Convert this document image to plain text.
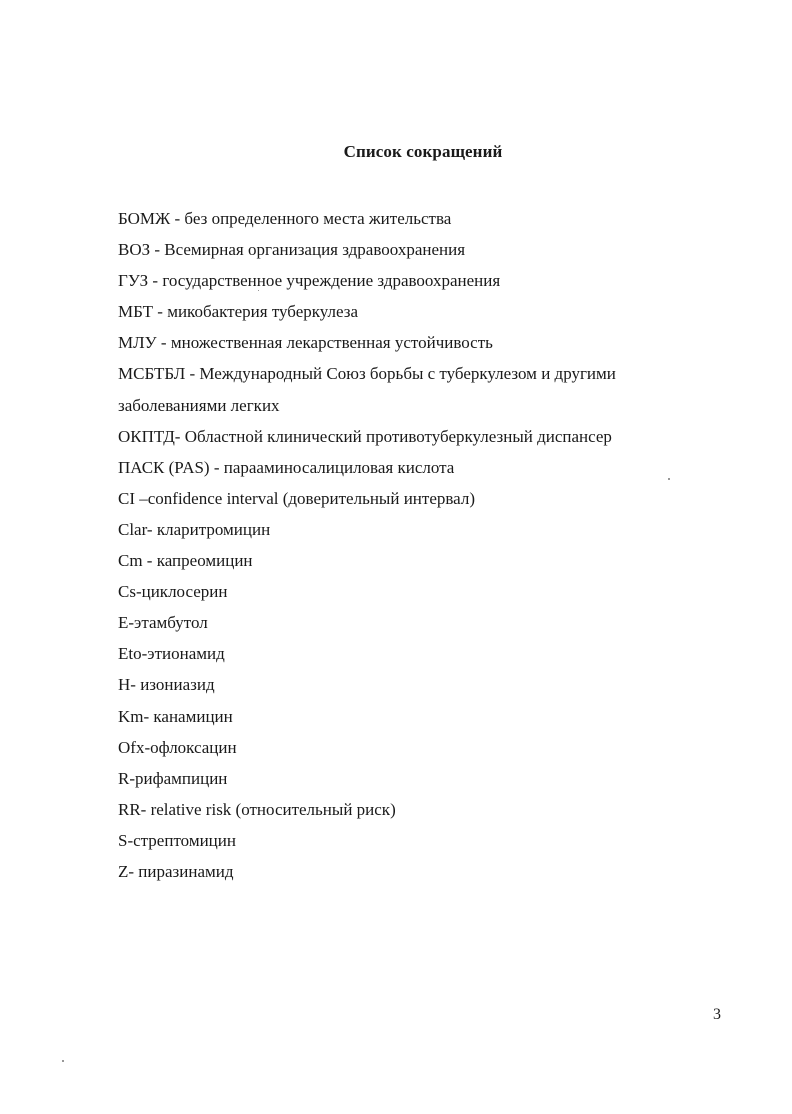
Список сокращений
БОМЖ - без определенного места жительства
ВОЗ - Всемирная организация здравоохранения
ГУЗ - государственное учреждение здравоохранения
МБТ - микобактерия туберкулеза
МЛУ - множественная лекарственная устойчивость
МСБТБЛ - Международный Союз борьбы с туберкулезом и другими
заболеваниями легких
ОКПТД- Областной клинический противотуберкулезный диспансер
ПАСК (PAS) - парааминосалициловая кислота
CI –confidence interval (доверительный интервал)
Clar- кларитромицин
Cm - капреомицин
Cs-циклосерин
E-этамбутол
Eto-этионамид
H- изониазид
Km- канамицин
Ofx-офлоксацин
R-рифампицин
RR- relative risk (относительный риск)
S-стрептомицин
Z- пиразинамид
3
